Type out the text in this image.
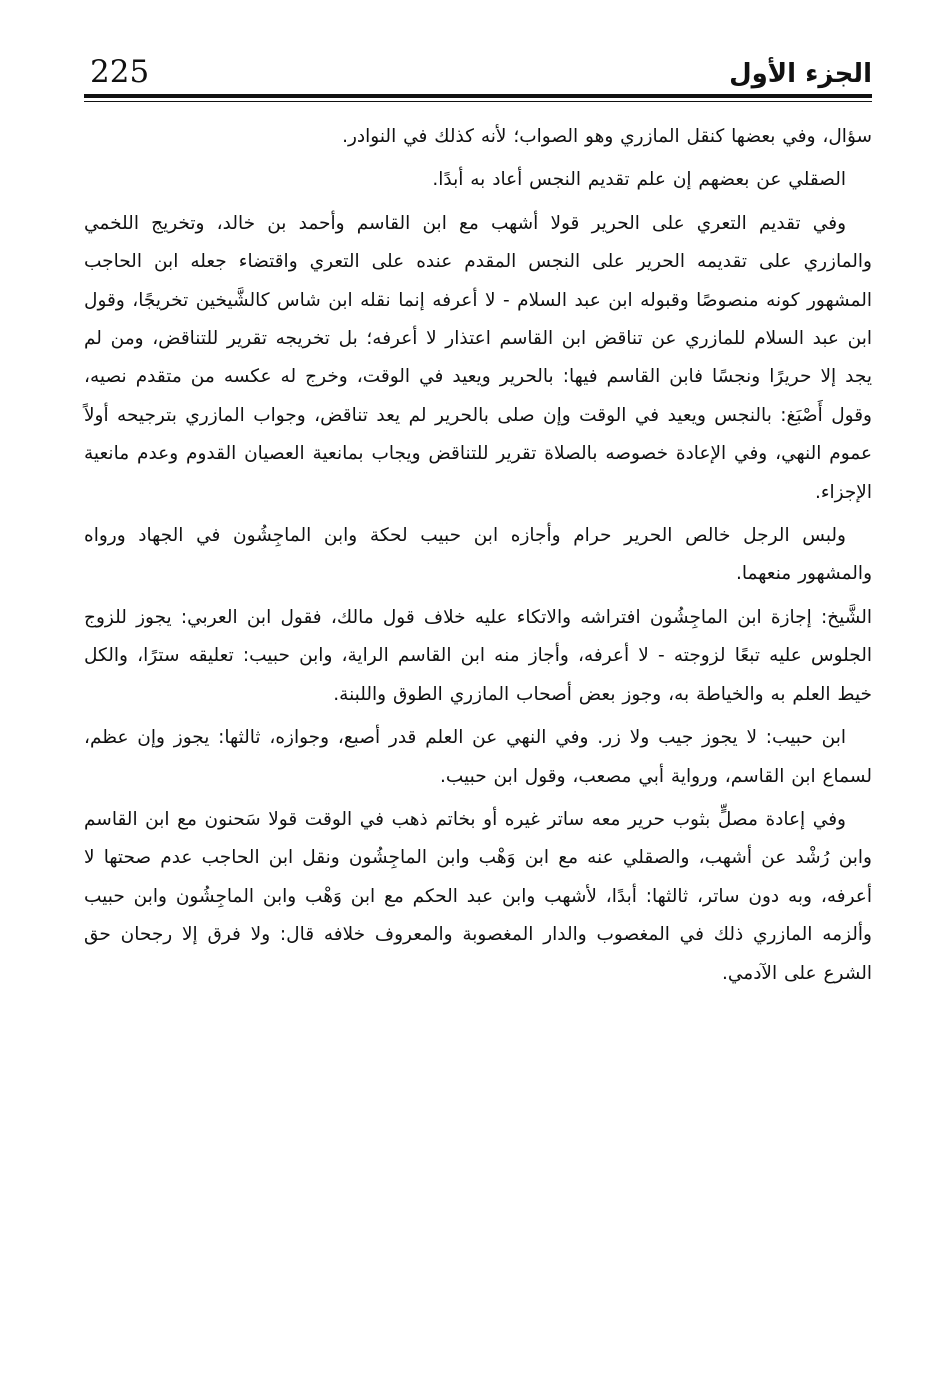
225	الجزء الأول

سؤال، وفي بعضها كنقل المازري وهو الصواب؛ لأنه كذلك في النوادر.

الصقلي عن بعضهم إن علم تقديم النجس أعاد به أبدًا.

وفي تقديم التعري على الحرير قولا أشهب مع ابن القاسم وأحمد بن خالد، وتخريج اللخمي والمازري على تقديمه الحرير على النجس المقدم عنده على التعري واقتضاء جعله ابن الحاجب المشهور كونه منصوصًا وقبوله ابن عبد السلام - لا أعرفه إنما نقله ابن شاس كالشَّيخين تخريجًا، وقول ابن عبد السلام للمازري عن تناقض ابن القاسم اعتذار لا أعرفه؛ بل تخريجه تقرير للتناقض، ومن لم يجد إلا حريرًا ونجسًا فابن القاسم فيها: بالحرير ويعيد في الوقت، وخرج له عكسه من متقدم نصيه، وقول أَصْبَغ: بالنجس ويعيد في الوقت وإن صلى بالحرير لم يعد تناقض، وجواب المازري بترجيحه أولاً عموم النهي، وفي الإعادة خصوصه بالصلاة تقرير للتناقض ويجاب بمانعية العصيان القدوم وعدم مانعية الإجزاء.

ولبس الرجل خالص الحرير حرام وأجازه ابن حبيب لحكة وابن الماجِشُون في الجهاد ورواه والمشهور منعهما.

الشَّيخ: إجازة ابن الماجِشُون افتراشه والاتكاء عليه خلاف قول مالك، فقول ابن العربي: يجوز للزوج الجلوس عليه تبعًا لزوجته - لا أعرفه، وأجاز منه ابن القاسم الراية، وابن حبيب: تعليقه سترًا، والكل خيط العلم به والخياطة به، وجوز بعض أصحاب المازري الطوق واللبنة.

ابن حبيب: لا يجوز جيب ولا زر. وفي النهي عن العلم قدر أصبع، وجوازه، ثالثها: يجوز وإن عظم، لسماع ابن القاسم، ورواية أبي مصعب، وقول ابن حبيب.

وفي إعادة مصلٍّ بثوب حرير معه ساتر غيره أو بخاتم ذهب في الوقت قولا سَحنون مع ابن القاسم وابن رُشْد عن أشهب، والصقلي عنه مع ابن وَهْب وابن الماجِشُون ونقل ابن الحاجب عدم صحتها لا أعرفه، وبه دون ساتر، ثالثها: أبدًا، لأشهب وابن عبد الحكم مع ابن وَهْب وابن الماجِشُون وابن حبيب وألزمه المازري ذلك في المغصوب والدار المغصوبة والمعروف خلافه قال: ولا فرق إلا رجحان حق الشرع على الآدمي.
